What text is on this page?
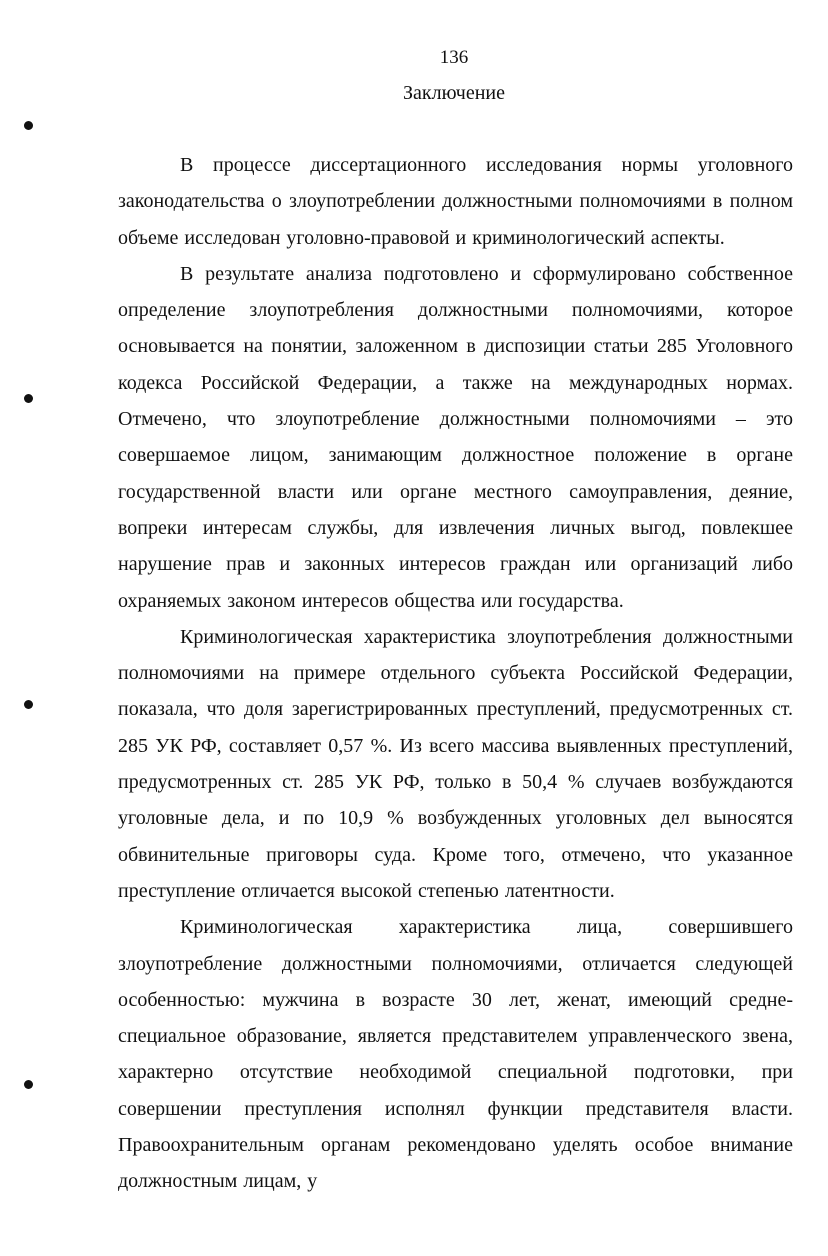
136
Заключение

В процессе диссертационного исследования нормы уголовного законодательства о злоупотреблении должностными полномочиями в полном объеме исследован уголовно-правовой и криминологический аспекты.

В результате анализа подготовлено и сформулировано собственное определение злоупотребления должностными полномочиями, которое основывается на понятии, заложенном в диспозиции статьи 285 Уголовного кодекса Российской Федерации, а также на международных нормах. Отмечено, что злоупотребление должностными полномочиями – это совершаемое лицом, занимающим должностное положение в органе государственной власти или органе местного самоуправления, деяние, вопреки интересам службы, для извлечения личных выгод, повлекшее нарушение прав и законных интересов граждан или организаций либо охраняемых законом интересов общества или государства.

Криминологическая характеристика злоупотребления должностными полномочиями на примере отдельного субъекта Российской Федерации, показала, что доля зарегистрированных преступлений, предусмотренных ст. 285 УК РФ, составляет 0,57 %. Из всего массива выявленных преступлений, предусмотренных ст. 285 УК РФ, только в 50,4 % случаев возбуждаются уголовные дела, и по 10,9 % возбужденных уголовных дел выносятся обвинительные приговоры суда. Кроме того, отмечено, что указанное преступление отличается высокой степенью латентности.

Криминологическая характеристика лица, совершившего злоупотребление должностными полномочиями, отличается следующей особенностью: мужчина в возрасте 30 лет, женат, имеющий средне-специальное образование, является представителем управленческого звена, характерно отсутствие необходимой специальной подготовки, при совершении преступления исполнял функции представителя власти. Правоохранительным органам рекомендовано уделять особое внимание должностным лицам, у
